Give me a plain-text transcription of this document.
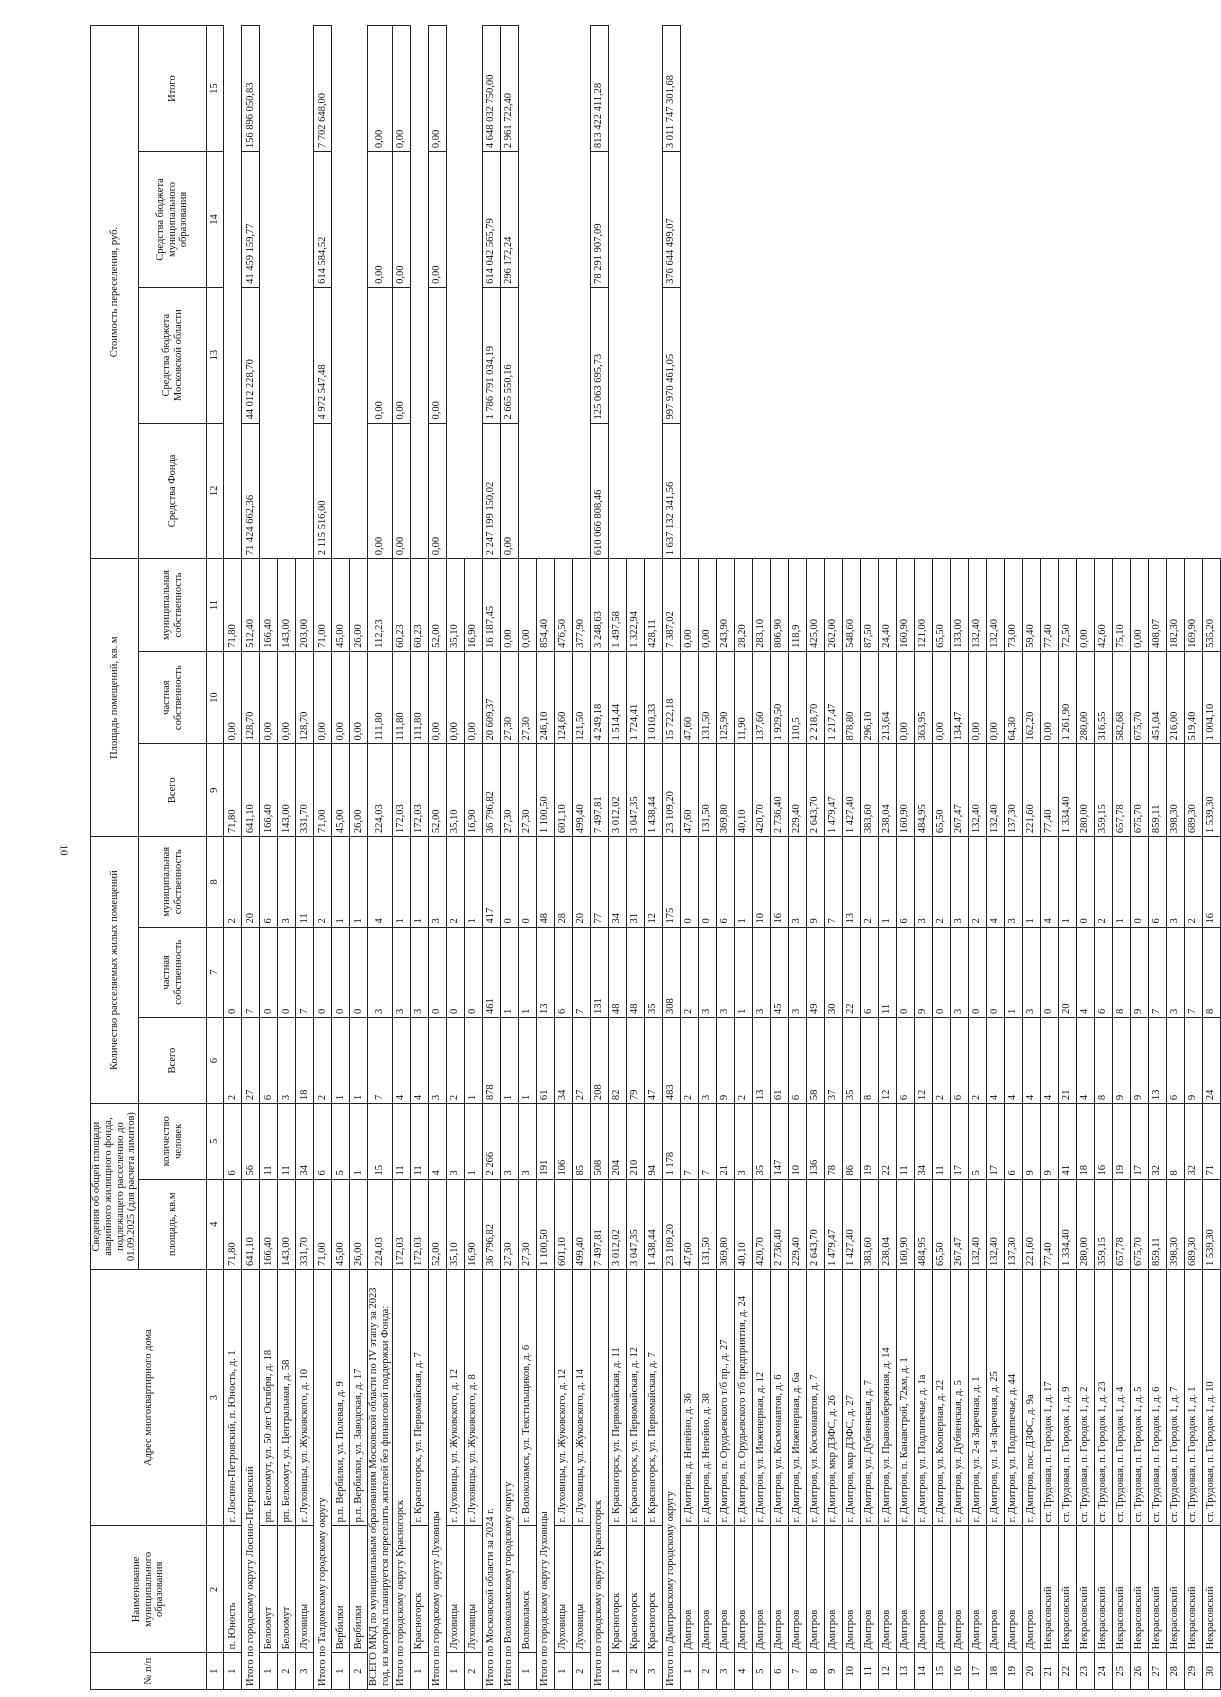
10
№ п/п	Наименование муниципального образования	Адрес многоквартирного дома	Сведения об общей площади аварийного жилищного фонда, подлежащего расселению до 01.09.2025 (для расчета лимитов)		Количество расселяемых жилых помещений			Площадь помещений, кв. м			Стоимость переселения, руб.			
			площадь, кв.м	количество человек	Всего	частная собственность	муниципальная собственность	Всего	частная собственность	муниципальная собственность	Средства Фонда	Средства бюджета Московской области	Средства бюджета муниципального образования	Итого
1	2	3	4	5	6	7	8	9	10	11	12	13	14	15
1	п. Юность	г. Лосино-Петровский, п. Юность, д. 1	71,80	6	2	0	2	71,80	0,00	71,80				
Итого по городскому округу Лосино-Петровский			641,10	56	27	7	20	641,10	128,70	512,40	71 424 662,36	44 012 228,70	41 459 159,77	156 896 050,83
1	Белоомут	рп. Белоомут, ул. 50 лет Октября, д. 18	166,40	11	6	0	6	166,40	0,00	166,40				
2	Белоомут	рп. Белоомут, ул. Центральная, д. 58	143,00	11	3	0	3	143,00	0,00	143,00				
3	Луховицы	г. Луховицы, ул. Жуковского, д. 10	331,70	34	18	7	11	331,70	128,70	203,00				
Итого по Талдомскому городскому округу			71,00	6	2	0	2	71,00	0,00	71,00	2 115 516,00	4 972 547,48	614 584,52	7 702 648,00
1	Вербилки	р.п. Вербилки, ул. Полевая, д. 9	45,00	5	1	0	1	45,00	0,00	45,00				
2	Вербилки	р.п. Вербилки, ул. Заводская, д. 17	26,00	1	1	0	1	26,00	0,00	26,00				
ВСЕГО МКД по муниципальным образованиям Московской области по IV этапу за 2023 год, из которых планируется переселить жителей без финансовой поддержки Фонда:			224,03	15	7	3	4	224,03	111,80	112,23	0,00	0,00	0,00	0,00
Итого по городскому округу Красногорск			172,03	11	4	3	1	172,03	111,80	60,23	0,00	0,00	0,00	0,00
1	Красногорск	г. Красногорск, ул. Первомайская, д. 7	172,03	11	4	3	1	172,03	111,80	60,23				
Итого по городскому округу Луховицы			52,00	4	3	0	3	52,00	0,00	52,00	0,00	0,00	0,00	0,00
1	Луховицы	г. Луховицы, ул. Жуковского, д. 12	35,10	3	2	0	2	35,10	0,00	35,10				
2	Луховицы	г. Луховицы, ул. Жуковского, д. 8	16,90	1	1	0	1	16,90	0,00	16,90				
Итого по Московской области за 2024 г.			36 796,82	2 266	878	461	417	36 796,82	20 609,37	16 187,45	2 247 199 150,02	1 786 791 034,19	614 042 565,79	4 648 032 750,00
Итого по Волоколамскому городскому округу			27,30	3	1	1	0	27,30	27,30	0,00	0,00	2 665 550,16	296 172,24	2 961 722,40
1	Волоколамск	г. Волоколамск, ул. Текстильщиков, д. 6	27,30	3	1	1	0	27,30	27,30	0,00				
Итого по городскому округу Луховицы			1 100,50	191	61	13	48	1 100,50	246,10	854,40				
1	Луховицы	г. Луховицы, ул. Жуковского, д. 12	601,10	106	34	6	28	601,10	124,60	476,50				
2	Луховицы	г. Луховицы, ул. Жуковского, д. 14	499,40	85	27	7	20	499,40	121,50	377,90				
Итого по городскому округу Красногорск			7 497,81	508	208	131	77	7 497,81	4 249,18	3 248,63	610 066 808,46	125 063 695,73	78 291 907,09	813 422 411,28
1	Красногорск	г. Красногорск, ул. Первомайская, д. 11	3 012,02	204	82	48	34	3 012,02	1 514,44	1 497,58				
2	Красногорск	г. Красногорск, ул. Первомайская, д. 12	3 047,35	210	79	48	31	3 047,35	1 724,41	1 322,94				
3	Красногорск	г. Красногорск, ул. Первомайская, д. 7	1 438,44	94	47	35	12	1 438,44	1 010,33	428,11				
Итого по Дмитровскому городскому округу			23 109,20	1 178	483	308	175	23 109,20	15 722,18	7 387,02	1 637 132 341,56	997 970 461,05	376 644 499,07	3 011 747 301,68
1	Дмитров	г. Дмитров, д. Непейно, д. 36	47,60	7	2	2	0	47,60	47,60	0,00				
2	Дмитров	г. Дмитров, д. Непейно, д. 38	131,50	7	3	3	0	131,50	131,50	0,00				
3	Дмитров	г. Дмитров, п. Орудьевского т/б пр., д. 27	369,80	21	9	3	6	369,80	125,90	243,90				
4	Дмитров	г. Дмитров, п. Орудьевского т/б предприятия, д. 24	40,10	3	2	1	1	40,10	11,90	28,20				
5	Дмитров	г. Дмитров, ул. Инженерная, д. 12	420,70	35	13	3	10	420,70	137,60	283,10				
6	Дмитров	г. Дмитров, ул. Космонавтов, д. 6	2 736,40	147	61	45	16	2 736,40	1 929,50	806,90				
7	Дмитров	г. Дмитров, ул. Инженерная, д. 6а	229,40	10	6	3	3	229,40	110,5	118,9				
8	Дмитров	г. Дмитров, ул. Космонавтов, д. 7	2 643,70	136	58	49	9	2 643,70	2 218,70	425,00				
9	Дмитров	г. Дмитров, мкр ДЗФС, д. 26	1 479,47	78	37	30	7	1 479,47	1 217,47	262,00				
10	Дмитров	г. Дмитров, мкр ДЗФС, д. 27	1 427,40	86	35	22	13	1 427,40	878,80	548,60				
11	Дмитров	г. Дмитров, ул. Дубненская, д. 7	383,60	19	8	6	2	383,60	296,10	87,50				
12	Дмитров	г. Дмитров, ул. Правонабережная, д. 14	238,04	22	12	11	1	238,04	213,64	24,40				
13	Дмитров	г. Дмитров, п. Канавстрой, 72км, д. 1	160,90	11	6	0	6	160,90	0,00	160,90				
14	Дмитров	г. Дмитров, ул. Подлипечье, д. 1а	484,95	34	12	9	3	484,95	363,95	121,00				
15	Дмитров	г. Дмитров, ул. Кооперная, д. 22	65,50	11	2	0	2	65,50	0,00	65,50				
16	Дмитров	г. Дмитров, ул. Дубненская, д. 5	267,47	17	6	3	3	267,47	134,47	133,00				
17	Дмитров	г. Дмитров, ул. 2-я Заречная, д. 1	132,40	5	2	0	2	132,40	0,00	132,40				
18	Дмитров	г. Дмитров, ул. 1-я Заречная, д. 25	132,40	17	4	0	4	132,40	0,00	132,40				
19	Дмитров	г. Дмитров, ул. Подлипечье, д. 44	137,30	6	4	1	3	137,30	64,30	73,00				
20	Дмитров	г. Дмитров, пос. ДЗФС, д. 9а	221,60	9	4	3	1	221,60	162,20	59,40				
21	Некрасовский	ст. Трудовая, п. Городок 1, д. 17	77,40	9	4	0	4	77,40	0,00	77,40				
22	Некрасовский	ст. Трудовая, п. Городок 1, д. 9	1 334,40	41	21	20	1	1 334,40	1 261,90	72,50				
23	Некрасовский	ст. Трудовая, п. Городок 1, д. 2	280,00	18	4	4	0	280,00	280,00	0,00				
24	Некрасовский	ст. Трудовая, п. Городок 1, д. 23	359,15	16	8	6	2	359,15	316,55	42,60				
25	Некрасовский	ст. Трудовая, п. Городок 1, д. 4	657,78	19	9	8	1	657,78	582,68	75,10				
26	Некрасовский	ст. Трудовая, п. Городок 1, д. 5	675,70	17	9	9	0	675,70	675,70	0,00				
27	Некрасовский	ст. Трудовая, п. Городок 1, д. 6	859,11	32	13	7	6	859,11	451,04	408,07				
28	Некрасовский	ст. Трудовая, п. Городок 1, д. 7	398,30	8	6	3	3	398,30	216,00	182,30				
29	Некрасовский	ст. Трудовая, п. Городок 1, д. 1	689,30	32	9	7	2	689,30	519,40	169,90				
30	Некрасовский	ст. Трудовая, п. Городок 1, д. 10	1 539,30	71	24	8	16	1 539,30	1 004,10	535,20				
